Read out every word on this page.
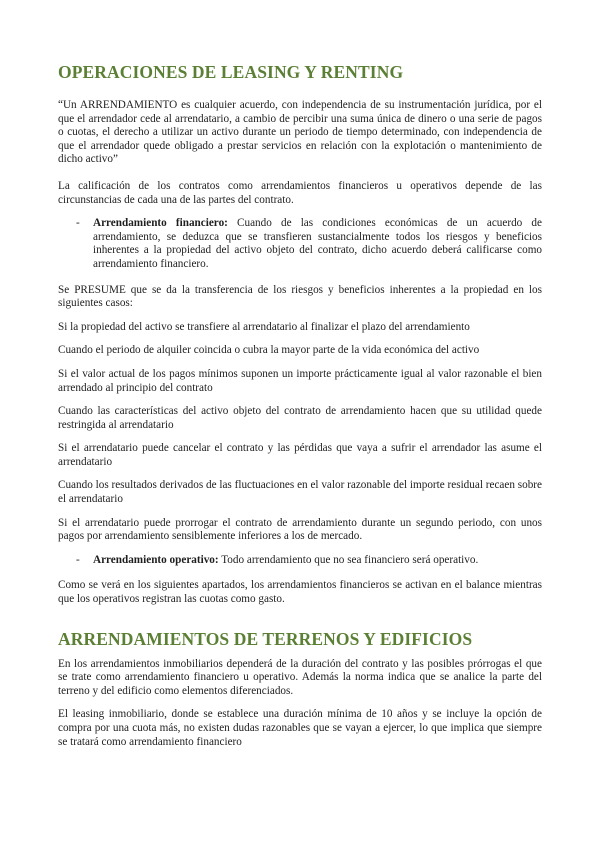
OPERACIONES DE LEASING Y RENTING

“Un ARRENDAMIENTO es cualquier acuerdo, con independencia de su instrumentación jurídica, por el que el arrendador cede al arrendatario, a cambio de percibir una suma única de dinero o una serie de pagos o cuotas, el derecho a utilizar un activo durante un periodo de tiempo determinado, con independencia de que el arrendador quede obligado a prestar servicios en relación con la explotación o mantenimiento de dicho activo”

La calificación de los contratos como arrendamientos financieros u operativos depende de las circunstancias de cada una de las partes del contrato.

-	Arrendamiento financiero: Cuando de las condiciones económicas de un acuerdo de arrendamiento, se deduzca que se transfieren sustancialmente todos los riesgos y beneficios inherentes a la propiedad del activo objeto del contrato, dicho acuerdo deberá calificarse como arrendamiento financiero.

Se PRESUME que se da la transferencia de los riesgos y beneficios inherentes a la propiedad en los siguientes casos:

Si la propiedad del activo se transfiere al arrendatario al finalizar el plazo del arrendamiento

Cuando el periodo de alquiler coincida o cubra la mayor parte de la vida económica del activo

Si el valor actual de los pagos mínimos suponen un importe prácticamente igual al valor razonable el bien arrendado al principio del contrato

Cuando las características del activo objeto del contrato de arrendamiento hacen que su utilidad quede restringida al arrendatario

Si el arrendatario puede cancelar el contrato y las pérdidas que vaya a sufrir el arrendador las asume el arrendatario

Cuando los resultados derivados de las fluctuaciones en el valor razonable del importe residual recaen sobre el arrendatario

Si el arrendatario puede prorrogar el contrato de arrendamiento durante un segundo periodo, con unos pagos por arrendamiento sensiblemente inferiores a los de mercado.

-	Arrendamiento operativo: Todo arrendamiento que no sea financiero será operativo.

Como se verá en los siguientes apartados, los arrendamientos financieros se activan en el balance mientras que los operativos registran las cuotas como gasto.

ARRENDAMIENTOS DE TERRENOS Y EDIFICIOS

En los arrendamientos inmobiliarios dependerá de la duración del contrato y las posibles prórrogas el que se trate como arrendamiento financiero u operativo. Además la norma indica que se analice la parte del terreno y del edificio como elementos diferenciados.

El leasing inmobiliario, donde se establece una duración mínima de 10 años y se incluye la opción de compra por una cuota más, no existen dudas razonables que se vayan a ejercer, lo que implica que siempre se tratará como arrendamiento financiero
